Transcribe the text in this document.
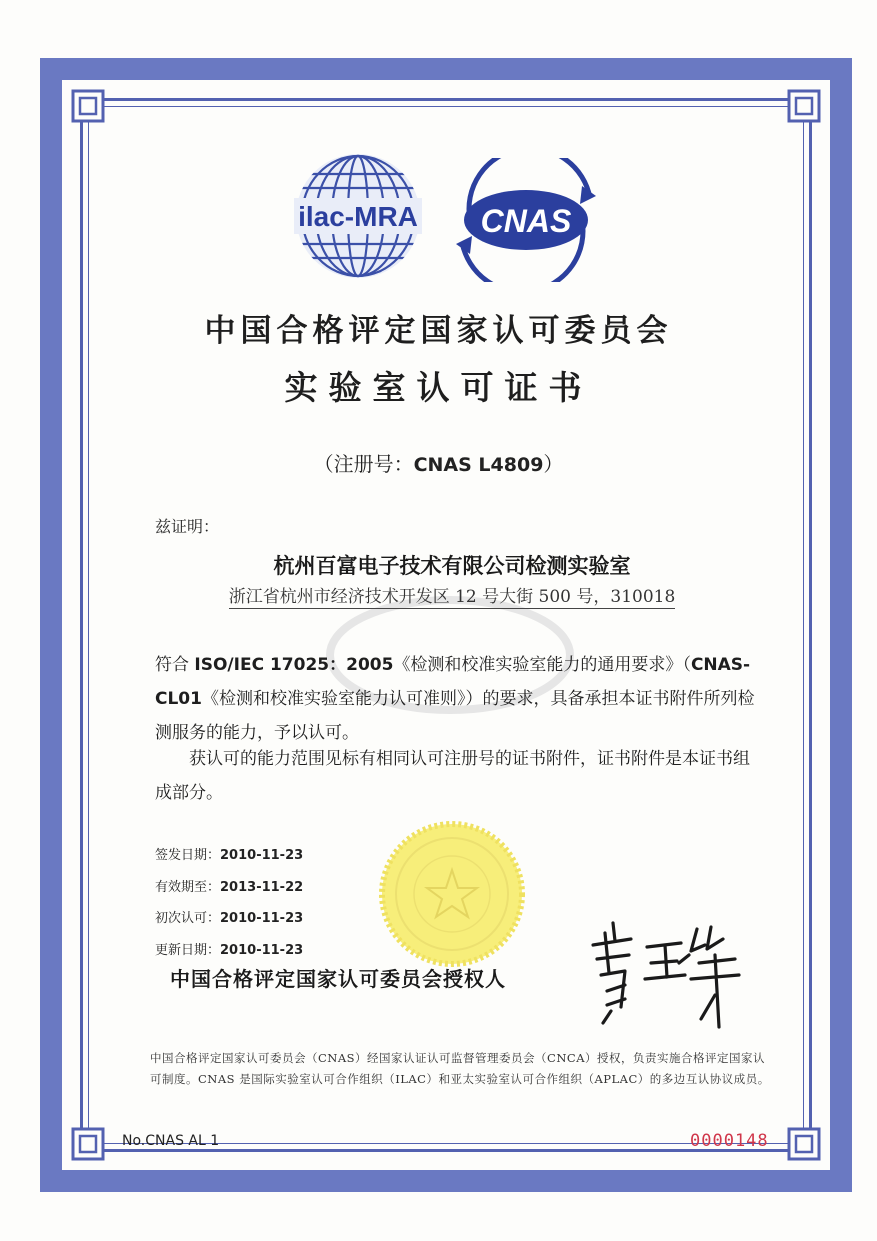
ilac-MRA CNAS
中国合格评定国家认可委员会
实验室认可证书
（注册号：CNAS L4809）
兹证明：
杭州百富电子技术有限公司检测实验室
浙江省杭州市经济技术开发区 12 号大街 500 号，310018
符合 ISO/IEC 17025：2005《检测和校准实验室能力的通用要求》（CNAS-CL01《检测和校准实验室能力认可准则》）的要求，具备承担本证书附件所列检测服务的能力，予以认可。
获认可的能力范围见标有相同认可注册号的证书附件，证书附件是本证书组成部分。
签发日期：2010-11-23
有效期至：2013-11-22
初次认可：2010-11-23
更新日期：2010-11-23
中国合格评定国家认可委员会授权人
中国合格评定国家认可委员会（CNAS）经国家认证认可监督管理委员会（CNCA）授权，负责实施合格评定国家认可制度。CNAS 是国际实验室认可合作组织（ILAC）和亚太实验室认可合作组织（APLAC）的多边互认协议成员。
No.CNAS AL 1	0000148
